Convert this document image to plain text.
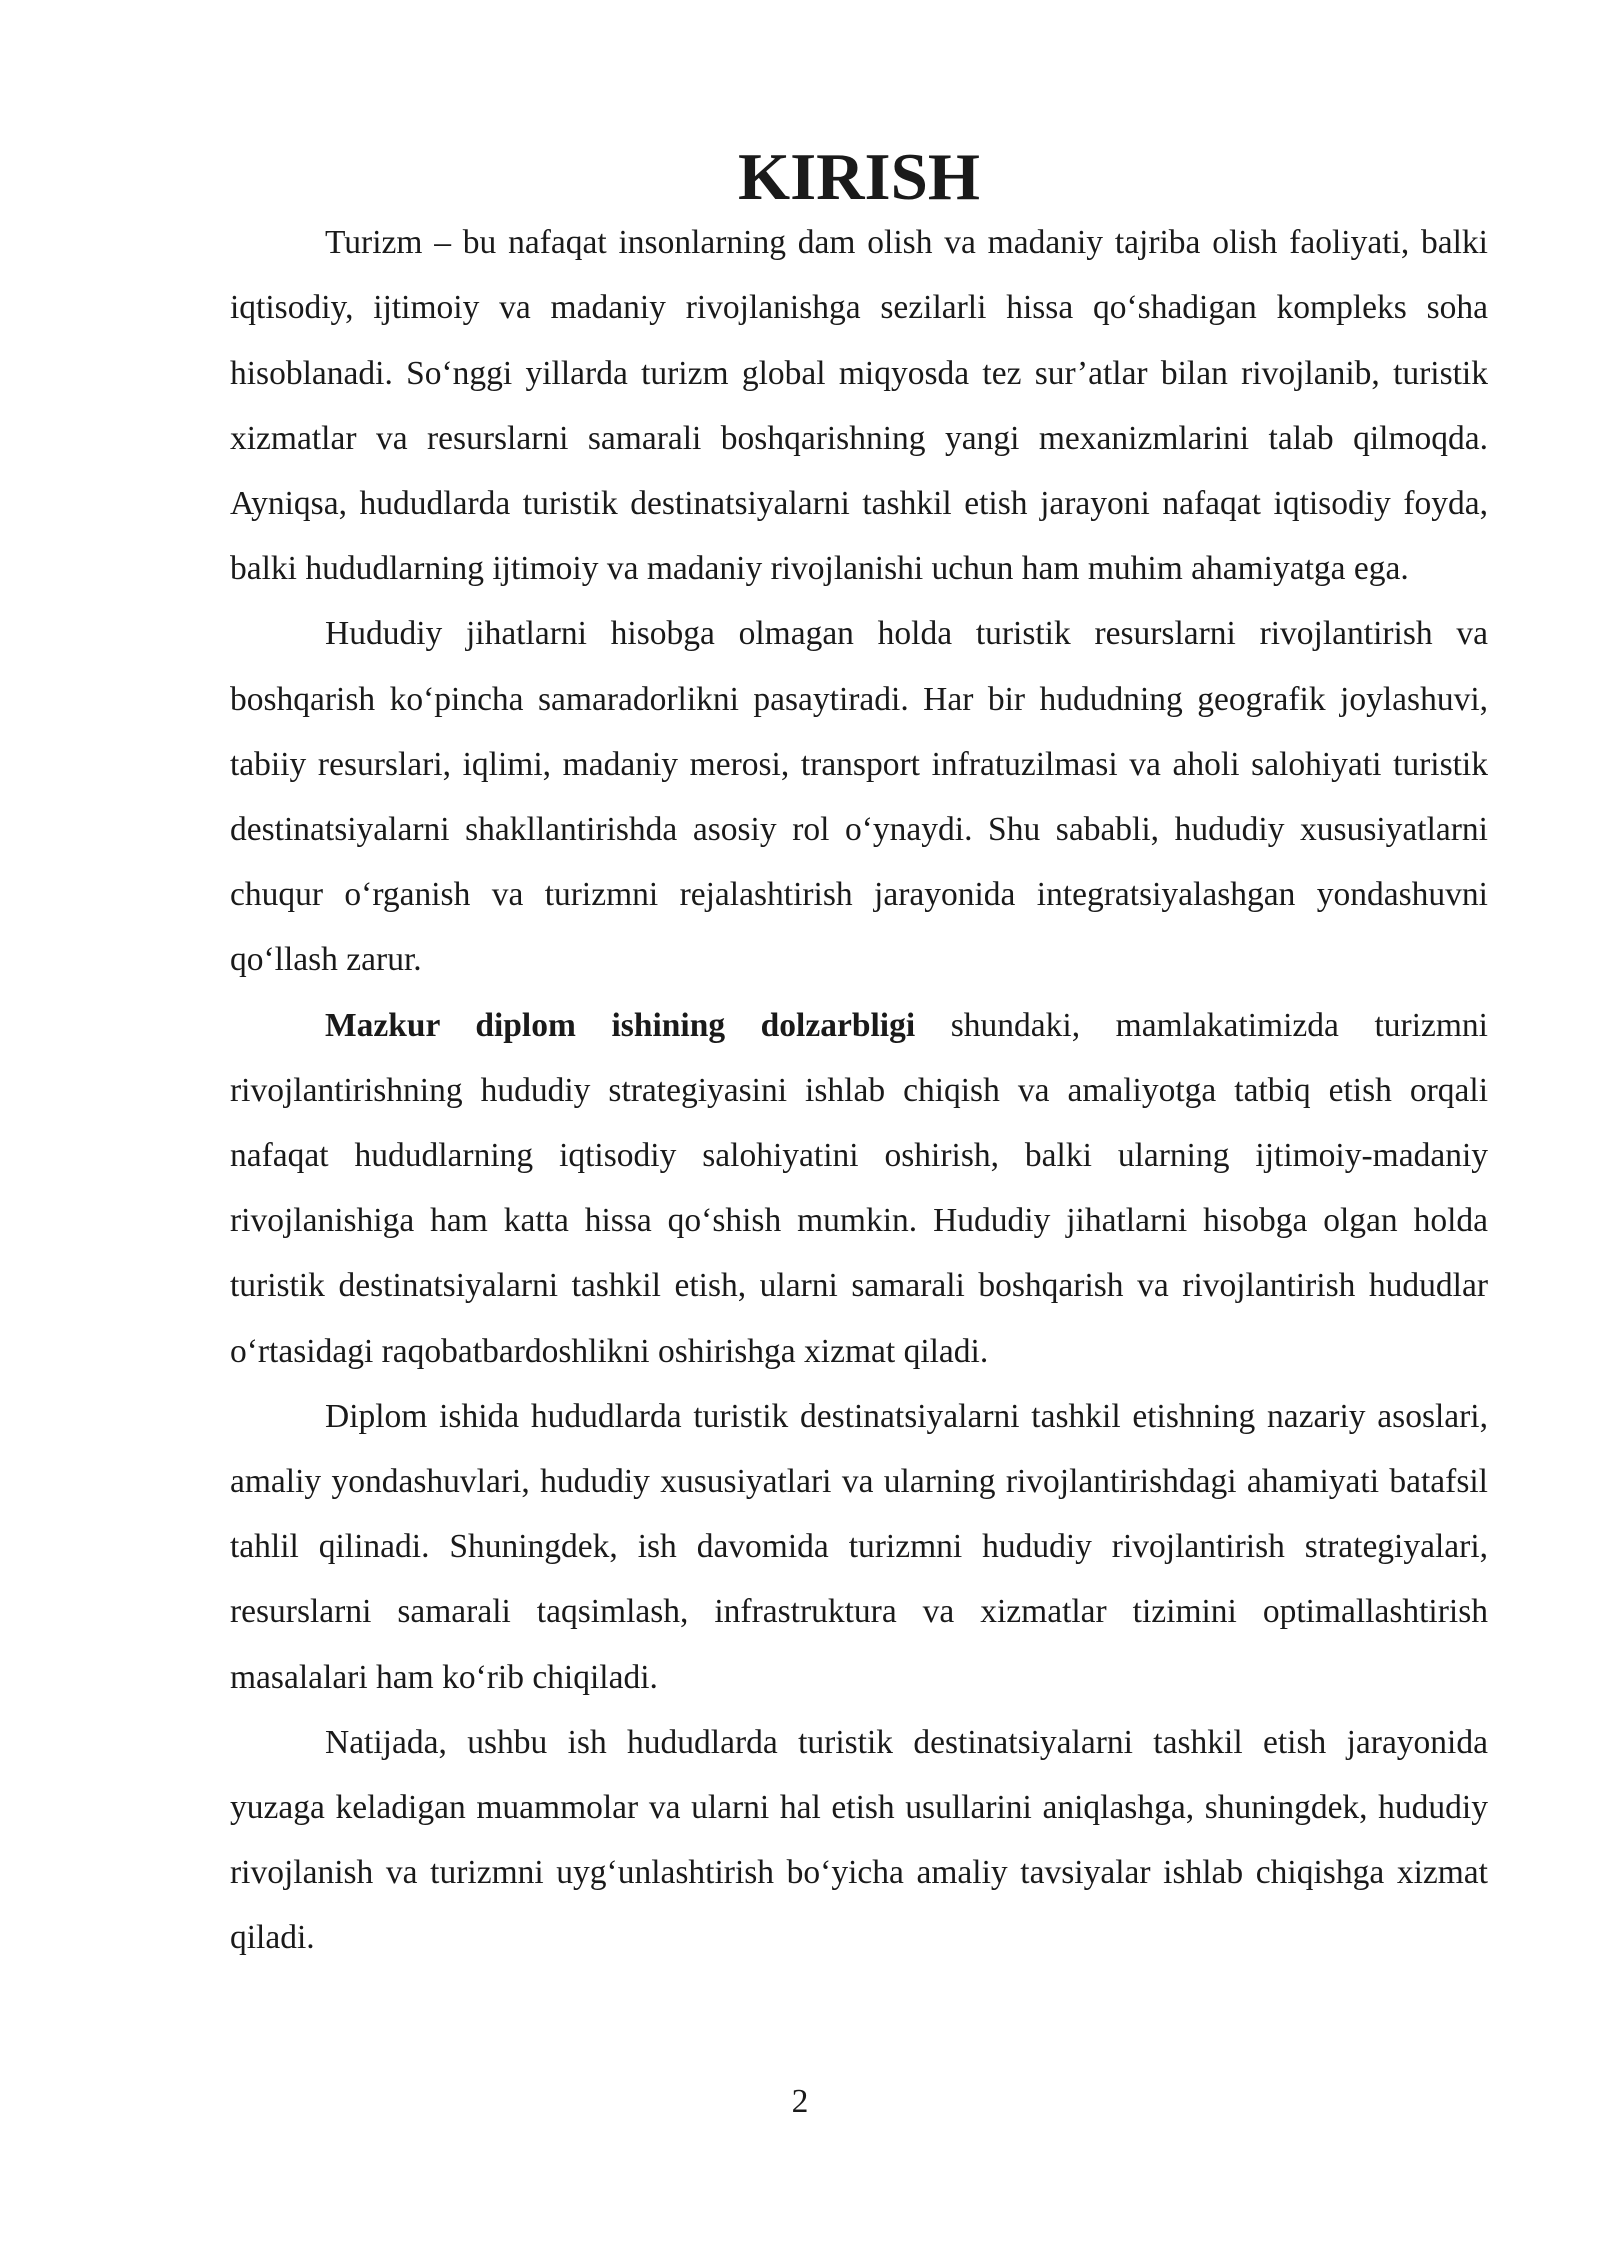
KIRISH

Turizm – bu nafaqat insonlarning dam olish va madaniy tajriba olish faoliyati, balki iqtisodiy, ijtimoiy va madaniy rivojlanishga sezilarli hissa qo‘shadigan kompleks soha hisoblanadi. So‘nggi yillarda turizm global miqyosda tez sur’atlar bilan rivojlanib, turistik xizmatlar va resurslarni samarali boshqarishning yangi mexanizmlarini talab qilmoqda. Ayniqsa, hududlarda turistik destinatsiyalarni tashkil etish jarayoni nafaqat iqtisodiy foyda, balki hududlarning ijtimoiy va madaniy rivojlanishi uchun ham muhim ahamiyatga ega.

Hududiy jihatlarni hisobga olmagan holda turistik resurslarni rivojlantirish va boshqarish ko‘pincha samaradorlikni pasaytiradi. Har bir hududning geografik joylashuvi, tabiiy resurslari, iqlimi, madaniy merosi, transport infratuzilmasi va aholi salohiyati turistik destinatsiyalarni shakllantirishda asosiy rol o‘ynaydi. Shu sababli, hududiy xususiyatlarni chuqur o‘rganish va turizmni rejalashtirish jarayonida integratsiyalashgan yondashuvni qo‘llash zarur.

Mazkur diplom ishining dolzarbligi shundaki, mamlakatimizda turizmni rivojlantirishning hududiy strategiyasini ishlab chiqish va amaliyotga tatbiq etish orqali nafaqat hududlarning iqtisodiy salohiyatini oshirish, balki ularning ijtimoiy-madaniy rivojlanishiga ham katta hissa qo‘shish mumkin. Hududiy jihatlarni hisobga olgan holda turistik destinatsiyalarni tashkil etish, ularni samarali boshqarish va rivojlantirish hududlar o‘rtasidagi raqobatbardoshlikni oshirishga xizmat qiladi.

Diplom ishida hududlarda turistik destinatsiyalarni tashkil etishning nazariy asoslari, amaliy yondashuvlari, hududiy xususiyatlari va ularning rivojlantirishdagi ahamiyati batafsil tahlil qilinadi. Shuningdek, ish davomida turizmni hududiy rivojlantirish strategiyalari, resurslarni samarali taqsimlash, infrastruktura va xizmatlar tizimini optimallashtirish masalalari ham ko‘rib chiqiladi.

Natijada, ushbu ish hududlarda turistik destinatsiyalarni tashkil etish jarayonida yuzaga keladigan muammolar va ularni hal etish usullarini aniqlashga, shuningdek, hududiy rivojlanish va turizmni uyg‘unlashtirish bo‘yicha amaliy tavsiyalar ishlab chiqishga xizmat qiladi.

2
